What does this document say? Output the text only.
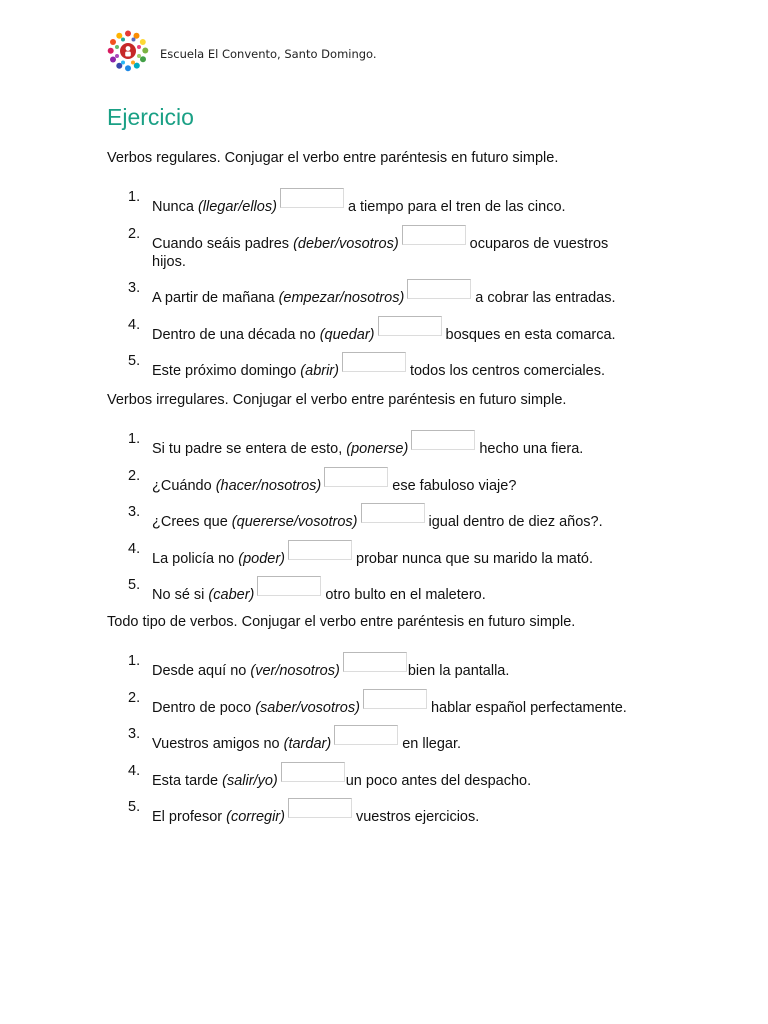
Escuela El Convento, Santo Domingo.
Ejercicio

Verbos regulares. Conjugar el verbo entre paréntesis en futuro simple.

1.
Nunca (llegar/ellos)	a tiempo para el tren de las cinco.
2.
Cuando seáis padres (deber/vosotros)	ocuparos de vuestros hijos.
3.
A partir de mañana (empezar/nosotros)	a cobrar las entradas.
4.
Dentro de una década no (quedar)	bosques en esta comarca.
5.
Este próximo domingo (abrir)	todos los centros comerciales.

Verbos irregulares. Conjugar el verbo entre paréntesis en futuro simple.

1.
Si tu padre se entera de esto, (ponerse)	hecho una fiera.
2.
¿Cuándo (hacer/nosotros)	ese fabuloso viaje?
3.
¿Crees que (quererse/vosotros)	igual dentro de diez años?.
4.
La policía no (poder)	probar nunca que su marido la mató.
5.
No sé si (caber)	otro bulto en el maletero.

Todo tipo de verbos. Conjugar el verbo entre paréntesis en futuro simple.

1.
Desde aquí no (ver/nosotros)	bien la pantalla.
2.
Dentro de poco (saber/vosotros)	hablar español perfectamente.
3.
Vuestros amigos no (tardar)	en llegar.
4.
Esta tarde (salir/yo)	un poco antes del despacho.
5.
El profesor (corregir)	vuestros ejercicios.
